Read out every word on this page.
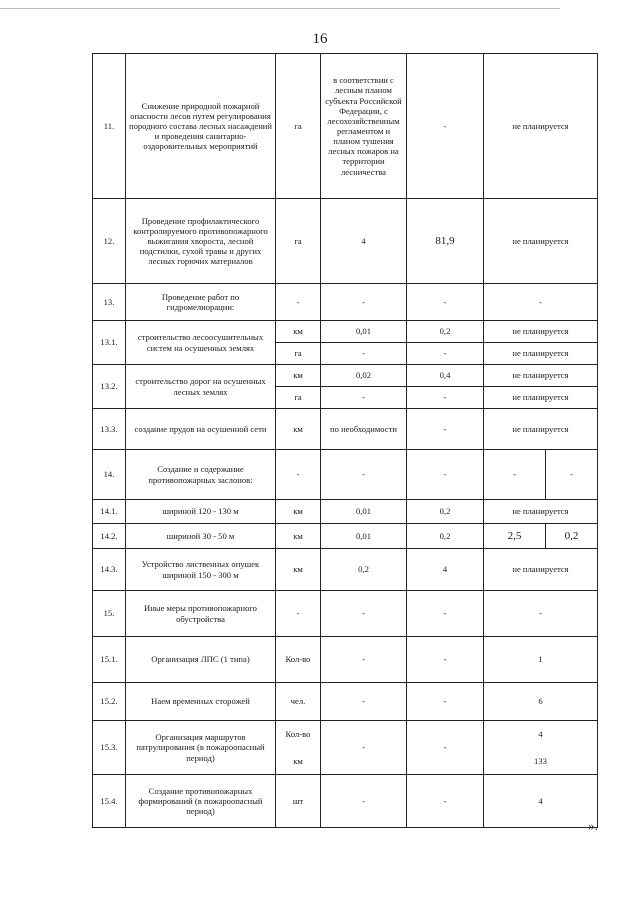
16
11.	Снижение природной пожарной опасности лесов путем регулирования породного состава лесных насаждений и проведения санитарно-оздоровительных мероприятий	га	в соответствии с лесным планом субъекта Российской Федерации, с лесохозяйственным регламентом и планом тушения лесных пожаров на территории лесничества	-	не планируется	
12.	Проведение профилактического контролируемого противопожарного выжигания хвороста, лесной подстилки, сухой травы и других лесных горючих материалов	га	4	81,9	не планируется	
13.	Проведение работ по гидромелиорации:	-	-	-	-	
13.1.	строительство лесоосушительных систем на осушенных землях	км	0,01	0,2	не планируется	
		га	-	-	не планируется	
13.2.	строительство дорог на осушенных лесных землях	км	0,02	0,4	не планируется	
		га	-	-	не планируется	
13.3.	создание прудов на осушенной сети	км	по необходимости	-	не планируется	
14.	Создание и содержание противопожарных заслонов:	-	-	-	-	-
14.1.	шириной 120 - 130 м	км	0,01	0,2	не планируется	
14.2.	шириной 30 - 50 м	км	0,01	0,2	2,5	0,2
14.3.	Устройство лиственных опушек шириной 150 - 300 м	км	0,2	4	не планируется	
15.	Иные меры противопожарного обустройства	-	-	-	-	
15.1.	Организация ЛПС (1 типа)	Кол-во	-	-	1	
15.2.	Наем временных сторожей	чел.	-	-	6	
15.3.	Организация маршрутов патрулирования (в пожароопасный период)	Кол-во	-	-	4	
		км			133	
15.4.	Создание противопожарных формирований (в пожароопасный период)	шт	-	-	4	
».
